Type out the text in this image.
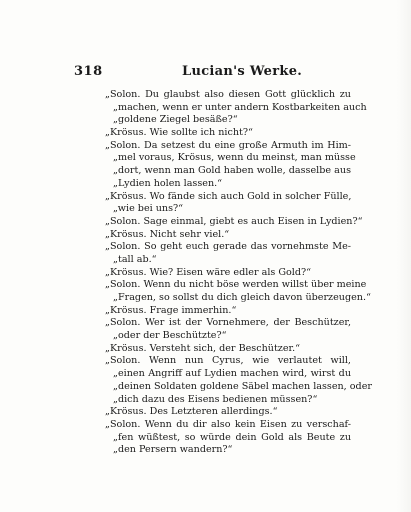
318	Lucian's Werke.
„Solon. Du glaubst also diesen Gott glücklich zu
„machen, wenn er unter andern Kostbarkeiten auch
„goldene Ziegel besäße?“
„Krösus. Wie sollte ich nicht?“
„Solon. Da setzest du eine große Armuth im Him-
„mel voraus, Krösus, wenn du meinst, man müsse
„dort, wenn man Gold haben wolle, dasselbe aus
„Lydien holen lassen.“
„Krösus. Wo fände sich auch Gold in solcher Fülle,
„wie bei uns?“
„Solon. Sage einmal, giebt es auch Eisen in Lydien?“
„Krösus. Nicht sehr viel.“
„Solon. So geht euch gerade das vornehmste Me-
„tall ab.“
„Krösus. Wie? Eisen wäre edler als Gold?“
„Solon. Wenn du nicht böse werden willst über meine
„Fragen, so sollst du dich gleich davon überzeugen.“
„Krösus. Frage immerhin.“
„Solon. Wer ist der Vornehmere, der Beschützer,
„oder der Beschützte?“
„Krösus. Versteht sich, der Beschützer.“
„Solon. Wenn nun Cyrus, wie verlautet will,
„einen Angriff auf Lydien machen wird, wirst du
„deinen Soldaten goldene Säbel machen lassen, oder
„dich dazu des Eisens bedienen müssen?“
„Krösus. Des Letzteren allerdings.“
„Solon. Wenn du dir also kein Eisen zu verschaf-
„fen wüßtest, so würde dein Gold als Beute zu
„den Persern wandern?“
